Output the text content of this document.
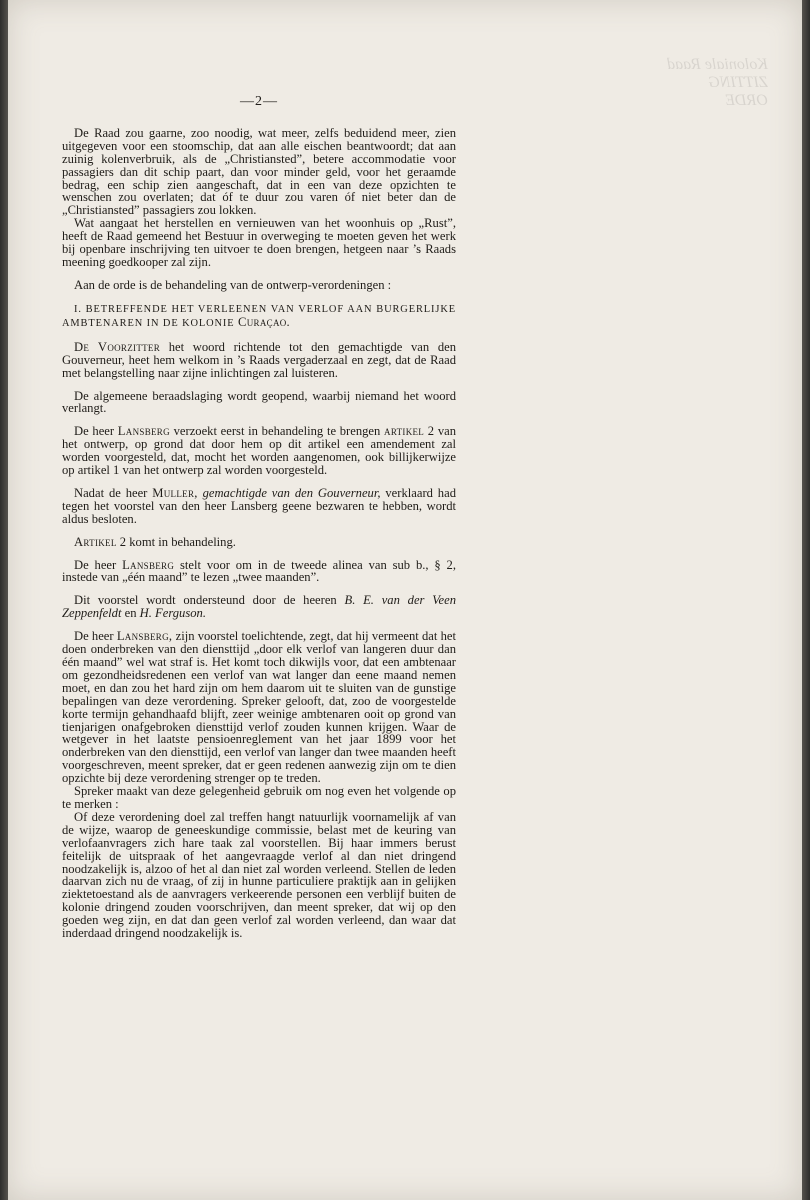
Koloniale Raad
ZITTING
ORDE
—2—

De Raad zou gaarne, zoo noodig, wat meer, zelfs beduidend meer, zien uitgegeven voor een stoomschip, dat aan alle eischen beantwoordt; dat aan zuinig kolenverbruik, als de „Christiansted”, betere accommodatie voor passagiers dan dit schip paart, dan voor minder geld, voor het geraamde bedrag, een schip zien aangeschaft, dat in een van deze opzichten te wenschen zou overlaten; dat óf te duur zou varen óf niet beter dan de „Christiansted” passagiers zou lokken.

Wat aangaat het herstellen en vernieuwen van het woonhuis op „Rust”, heeft de Raad gemeend het Bestuur in overweging te moeten geven het werk bij openbare inschrijving ten uitvoer te doen brengen, hetgeen naar ’s Raads meening goedkooper zal zijn.

Aan de orde is de behandeling van de ontwerp-verordeningen :

I. BETREFFENDE HET VERLEENEN VAN VERLOF AAN BURGERLIJKE AMBTENAREN IN DE KOLONIE Curaçao.

De Voorzitter het woord richtende tot den gemachtigde van den Gouverneur, heet hem welkom in ’s Raads vergaderzaal en zegt, dat de Raad met belangstelling naar zijne inlichtingen zal luisteren.

De algemeene beraadslaging wordt geopend, waarbij niemand het woord verlangt.

De heer Lansberg verzoekt eerst in behandeling te brengen artikel 2 van het ontwerp, op grond dat door hem op dit artikel een amendement zal worden voorgesteld, dat, mocht het worden aangenomen, ook billijkerwijze op artikel 1 van het ontwerp zal worden voorgesteld.

Nadat de heer Muller, gemachtigde van den Gouverneur, verklaard had tegen het voorstel van den heer Lansberg geene bezwaren te hebben, wordt aldus besloten.

Artikel 2 komt in behandeling.

De heer Lansberg stelt voor om in de tweede alinea van sub b., § 2, instede van „één maand” te lezen „twee maanden”.

Dit voorstel wordt ondersteund door de heeren B. E. van der Veen Zeppenfeldt en H. Ferguson.

De heer Lansberg, zijn voorstel toelichtende, zegt, dat hij vermeent dat het doen onderbreken van den diensttijd „door elk verlof van langeren duur dan één maand” wel wat straf is. Het komt toch dikwijls voor, dat een ambtenaar om gezondheidsredenen een verlof van wat langer dan eene maand nemen moet, en dan zou het hard zijn om hem daarom uit te sluiten van de gunstige bepalingen van deze verordening. Spreker gelooft, dat, zoo de voorgestelde korte termijn gehandhaafd blijft, zeer weinige ambtenaren ooit op grond van tienjarigen onafgebroken diensttijd verlof zouden kunnen krijgen. Waar de wetgever in het laatste pensioenreglement van het jaar 1899 voor het onderbreken van den diensttijd, een verlof van langer dan twee maanden heeft voorgeschreven, meent spreker, dat er geen redenen aanwezig zijn om te dien opzichte bij deze verordening strenger op te treden.

Spreker maakt van deze gelegenheid gebruik om nog even het volgende op te merken :

Of deze verordening doel zal treffen hangt natuurlijk voornamelijk af van de wijze, waarop de geneeskundige commissie, belast met de keuring van verlofaanvragers zich hare taak zal voorstellen. Bij haar immers berust feitelijk de uitspraak of het aangevraagde verlof al dan niet dringend noodzakelijk is, alzoo of het al dan niet zal worden verleend. Stellen de leden daarvan zich nu de vraag, of zij in hunne particuliere praktijk aan in gelijken ziektetoestand als de aanvragers verkeerende personen een verblijf buiten de kolonie dringend zouden voorschrijven, dan meent spreker, dat wij op den goeden weg zijn, en dat dan geen verlof zal worden verleend, dan waar dat inderdaad dringend noodzakelijk is.
